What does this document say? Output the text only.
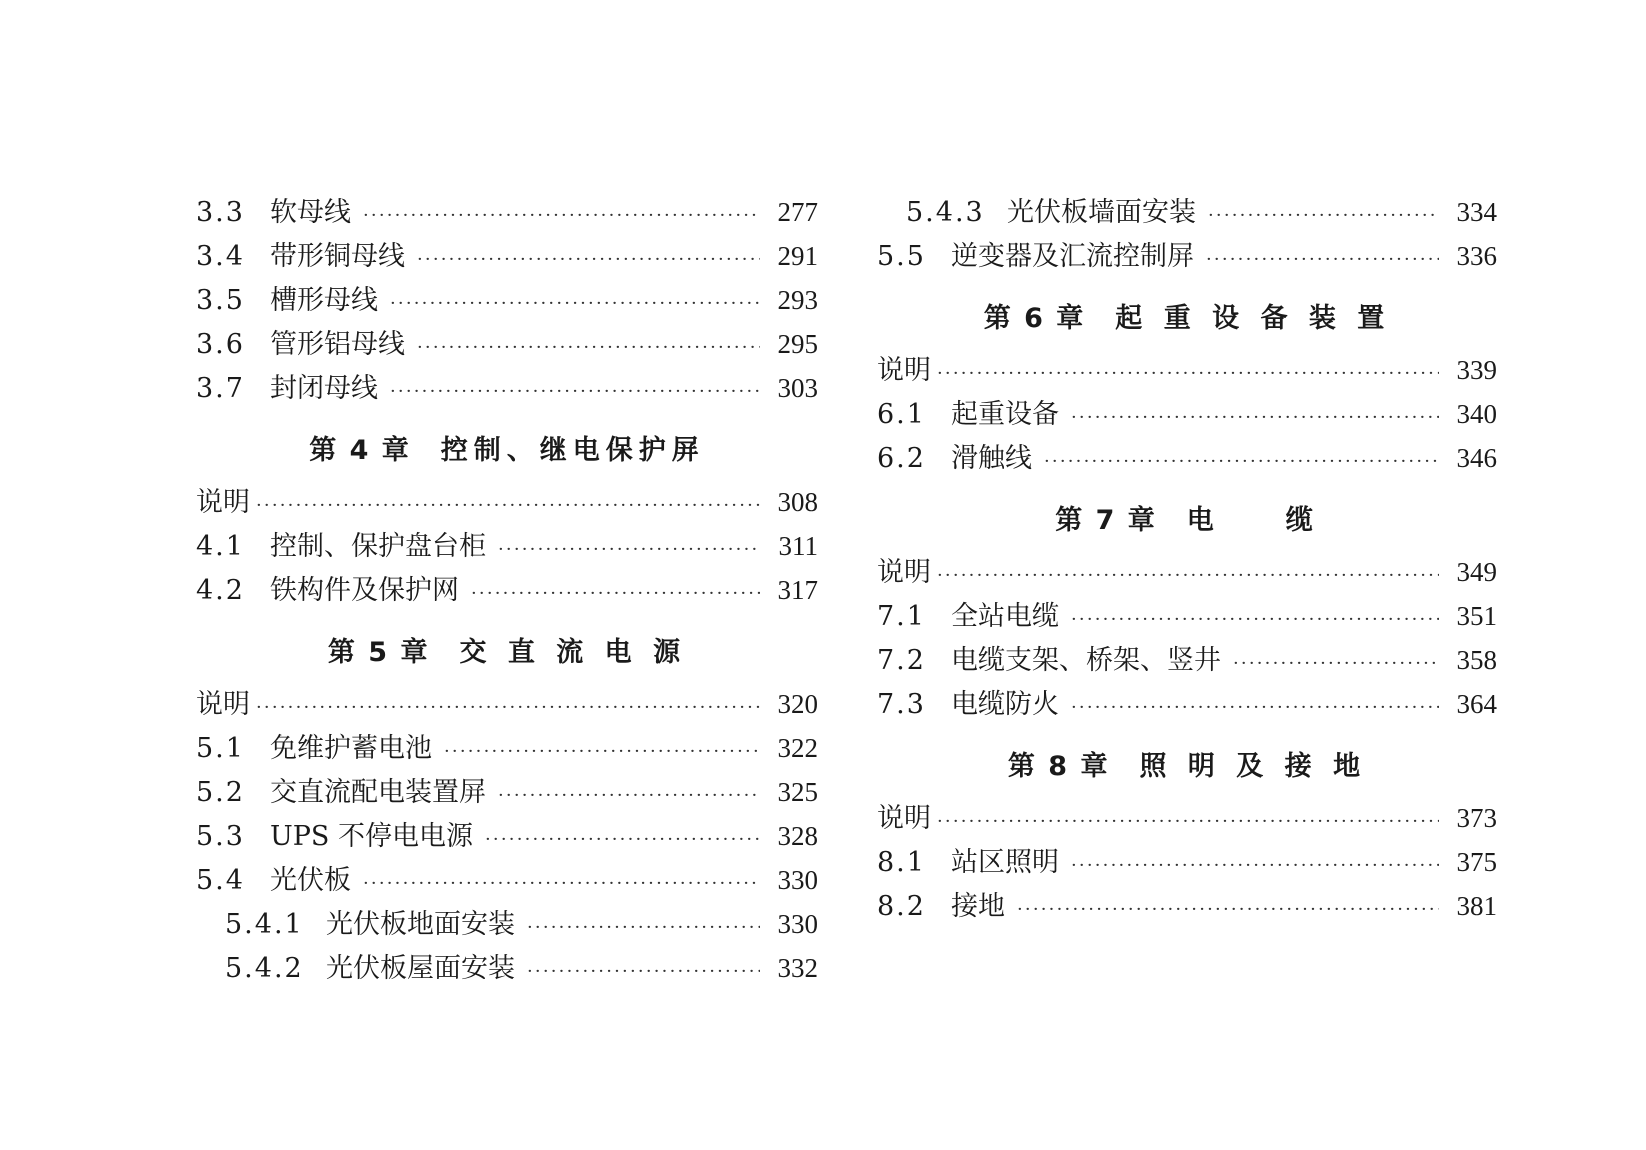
3.3 软母线 ·····	277
3.4 带形铜母线 ·····	291
3.5 槽形母线 ·····	293
3.6 管形铝母线 ·····	295
3.7 封闭母线 ·····	303
第 4 章 控制、继电保护屏
说明 ·····	308
4.1 控制、保护盘台柜 ·····	311
4.2 铁构件及保护网 ·····	317
第 5 章 交 直 流 电 源
说明 ·····	320
5.1 免维护蓄电池 ·····	322
5.2 交直流配电装置屏 ·····	325
5.3 UPS 不停电电源 ·····	328
5.4 光伏板 ·····	330
5.4.1 光伏板地面安装 ·····	330
5.4.2 光伏板屋面安装 ·····	332
5.4.3 光伏板墙面安装 ·····	334
5.5 逆变器及汇流控制屏 ·····	336
第 6 章 起 重 设 备 装 置
说明 ·····	339
6.1 起重设备 ·····	340
6.2 滑触线 ·····	346
第 7 章 电　　缆
说明 ·····	349
7.1 全站电缆 ·····	351
7.2 电缆支架、桥架、竖井 ·····	358
7.3 电缆防火 ·····	364
第 8 章 照 明 及 接 地
说明 ·····	373
8.1 站区照明 ·····	375
8.2 接地 ·····	381
